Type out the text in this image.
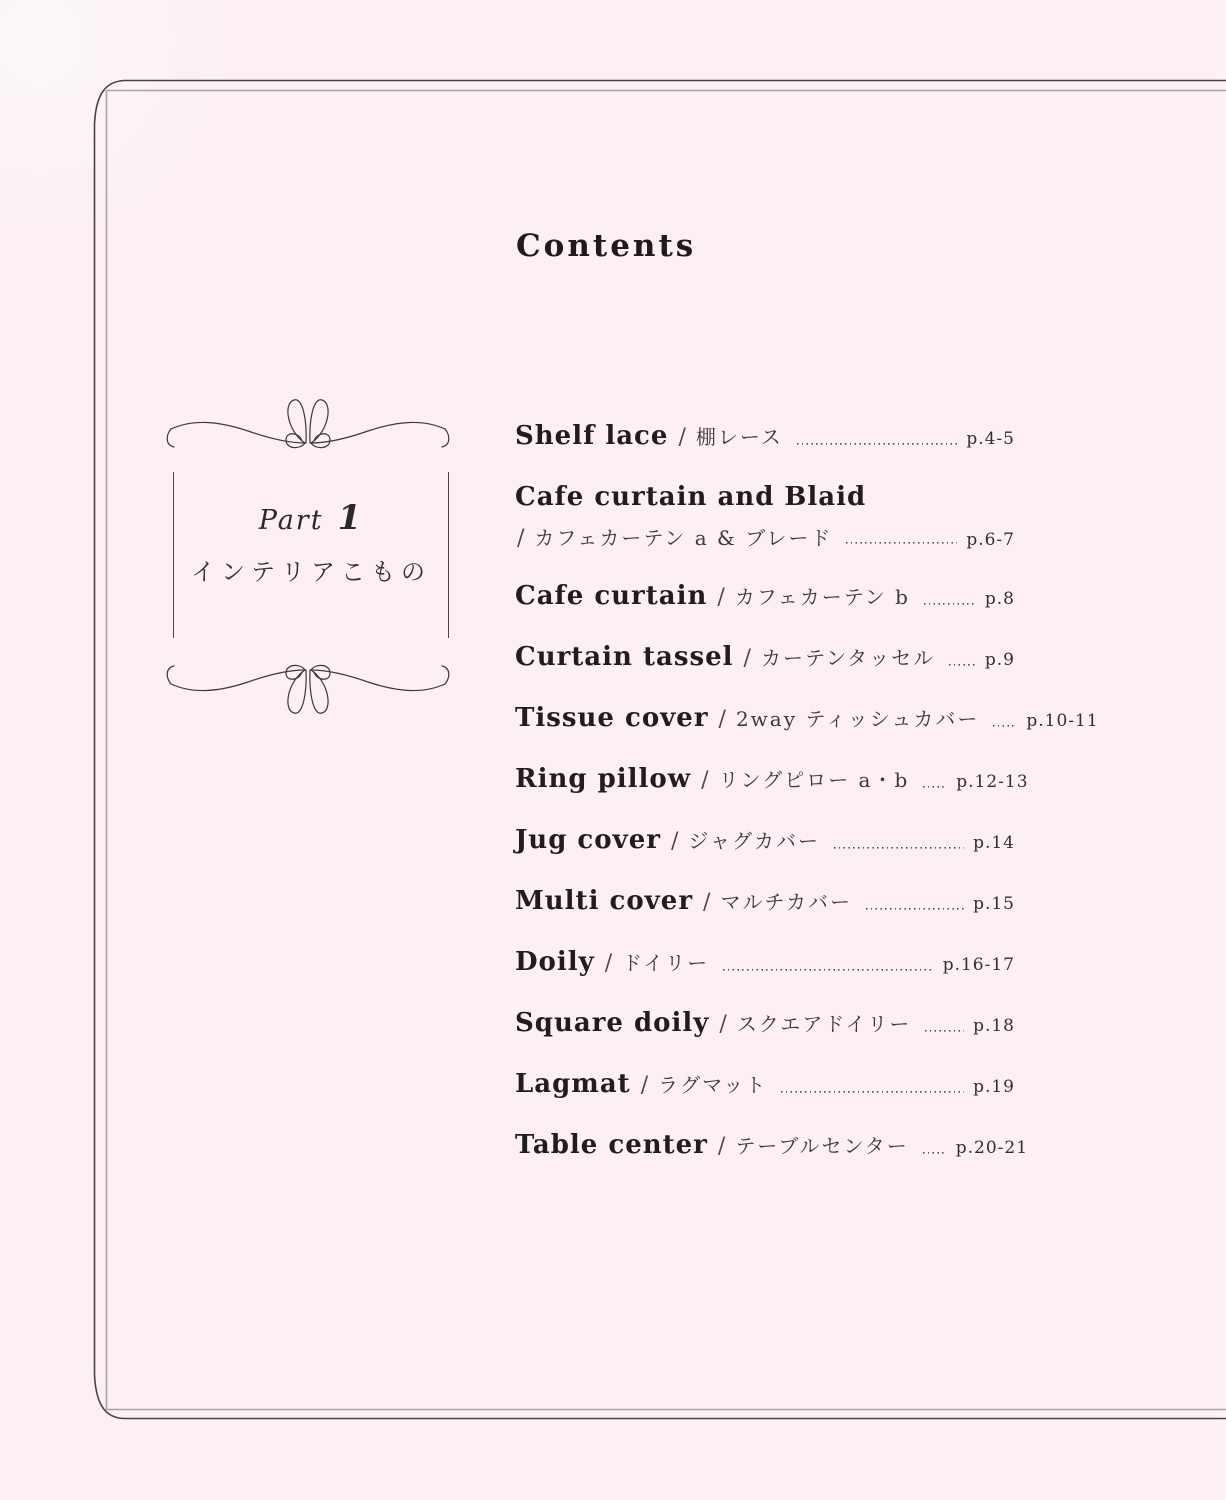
Contents
Part 1
インテリアこもの
Shelf lace / 棚レース	p.4-5
Cafe curtain and Blaid
/ カフェカーテン a & ブレード	p.6-7
Cafe curtain / カフェカーテン b	p.8
Curtain tassel / カーテンタッセル	p.9
Tissue cover / 2way ティッシュカバー	p.10-11
Ring pillow / リングピロー a・b	p.12-13
Jug cover / ジャグカバー	p.14
Multi cover / マルチカバー	p.15
Doily / ドイリー	p.16-17
Square doily / スクエアドイリー	p.18
Lagmat / ラグマット	p.19
Table center / テーブルセンター	p.20-21
